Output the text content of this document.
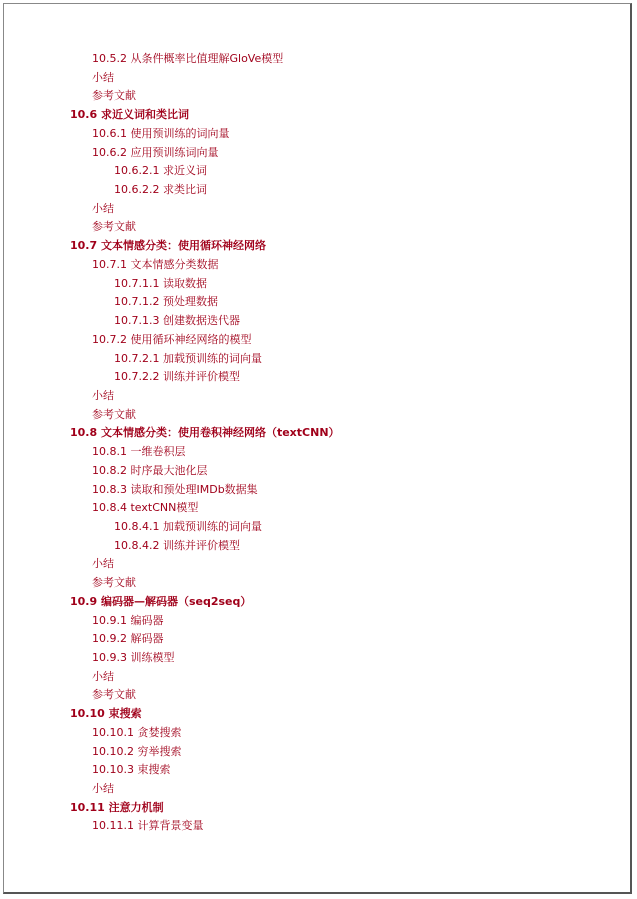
10.5.2 从条件概率比值理解GloVe模型
小结
参考文献
10.6 求近义词和类比词
10.6.1 使用预训练的词向量
10.6.2 应用预训练词向量
10.6.2.1 求近义词
10.6.2.2 求类比词
小结
参考文献
10.7 文本情感分类：使用循环神经网络
10.7.1 文本情感分类数据
10.7.1.1 读取数据
10.7.1.2 预处理数据
10.7.1.3 创建数据迭代器
10.7.2 使用循环神经网络的模型
10.7.2.1 加载预训练的词向量
10.7.2.2 训练并评价模型
小结
参考文献
10.8 文本情感分类：使用卷积神经网络（textCNN）
10.8.1 一维卷积层
10.8.2 时序最大池化层
10.8.3 读取和预处理IMDb数据集
10.8.4 textCNN模型
10.8.4.1 加载预训练的词向量
10.8.4.2 训练并评价模型
小结
参考文献
10.9 编码器—解码器（seq2seq）
10.9.1 编码器
10.9.2 解码器
10.9.3 训练模型
小结
参考文献
10.10 束搜索
10.10.1 贪婪搜索
10.10.2 穷举搜索
10.10.3 束搜索
小结
10.11 注意力机制
10.11.1 计算背景变量
